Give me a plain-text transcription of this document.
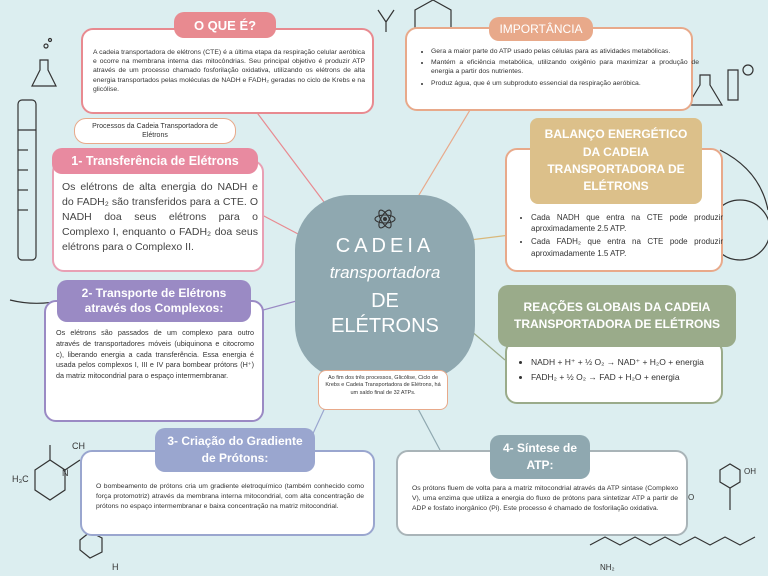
CH
H₃C
N
H	NH₂
OH
O
A cadeia transportadora de elétrons (CTE) é a última etapa da respiração celular aeróbica e ocorre na membrana interna das mitocôndrias. Seu principal objetivo é produzir ATP através de um processo chamado fosforilação oxidativa, utilizando os elétrons de alta energia transportados pelas moléculas de NADH e FADH₂ geradas no ciclo de Krebs e na glicólise.
O QUE É?
• Gera a maior parte do ATP usado pelas células para as atividades metabólicas.
• Mantém a eficiência metabólica, utilizando oxigênio para maximizar a produção de energia a partir dos nutrientes.
• Produz água, que é um subproduto essencial da respiração aeróbica.
IMPORTÂNCIA
Processos da Cadeia Transportadora de Elétrons
Os elétrons de alta energia do NADH e do FADH₂ são transferidos para a CTE. O NADH doa seus elétrons para o Complexo I, enquanto o FADH₂ doa seus elétrons para o Complexo II.
1- Transferência de Elétrons
Os elétrons são passados de um complexo para outro através de transportadores móveis (ubiquinona e citocromo c), liberando energia a cada transferência. Essa energia é usada pelos complexos I, III e IV para bombear prótons (H⁺) da matriz mitocondrial para o espaço intermembranar.
2- Transporte de Elétrons através dos Complexos:
CADEIA
transportadora
DE
ELÉTRONS
Ao fim dos três processos, Glicólise, Ciclo de Krebs e Cadeia Transportadora de Elétrons, há um saldo final de 32 ATPs.
• Cada NADH que entra na CTE pode produzir aproximadamente 2.5 ATP.
• Cada FADH₂ que entra na CTE pode produzir aproximadamente 1.5 ATP.
BALANÇO ENERGÉTICO DA CADEIA TRANSPORTADORA DE ELÉTRONS
• NADH + H⁺ + ½ O₂ → NAD⁺ + H₂O + energia
• FADH₂ + ½ O₂ → FAD + H₂O + energia
REAÇÕES GLOBAIS DA CADEIA TRANSPORTADORA DE ELÉTRONS
O bombeamento de prótons cria um gradiente eletroquímico (também conhecido como força protomotriz) através da membrana interna mitocondrial, com alta concentração de prótons no espaço intermembranar e baixa concentração na matriz mitocondrial.
3- Criação do Gradiente de Prótons:
Os prótons fluem de volta para a matriz mitocondrial através da ATP sintase (Complexo V), uma enzima que utiliza a energia do fluxo de prótons para sintetizar ATP a partir de ADP e fosfato inorgânico (Pi). Este processo é chamado de fosforilação oxidativa.
4- Síntese de ATP:
